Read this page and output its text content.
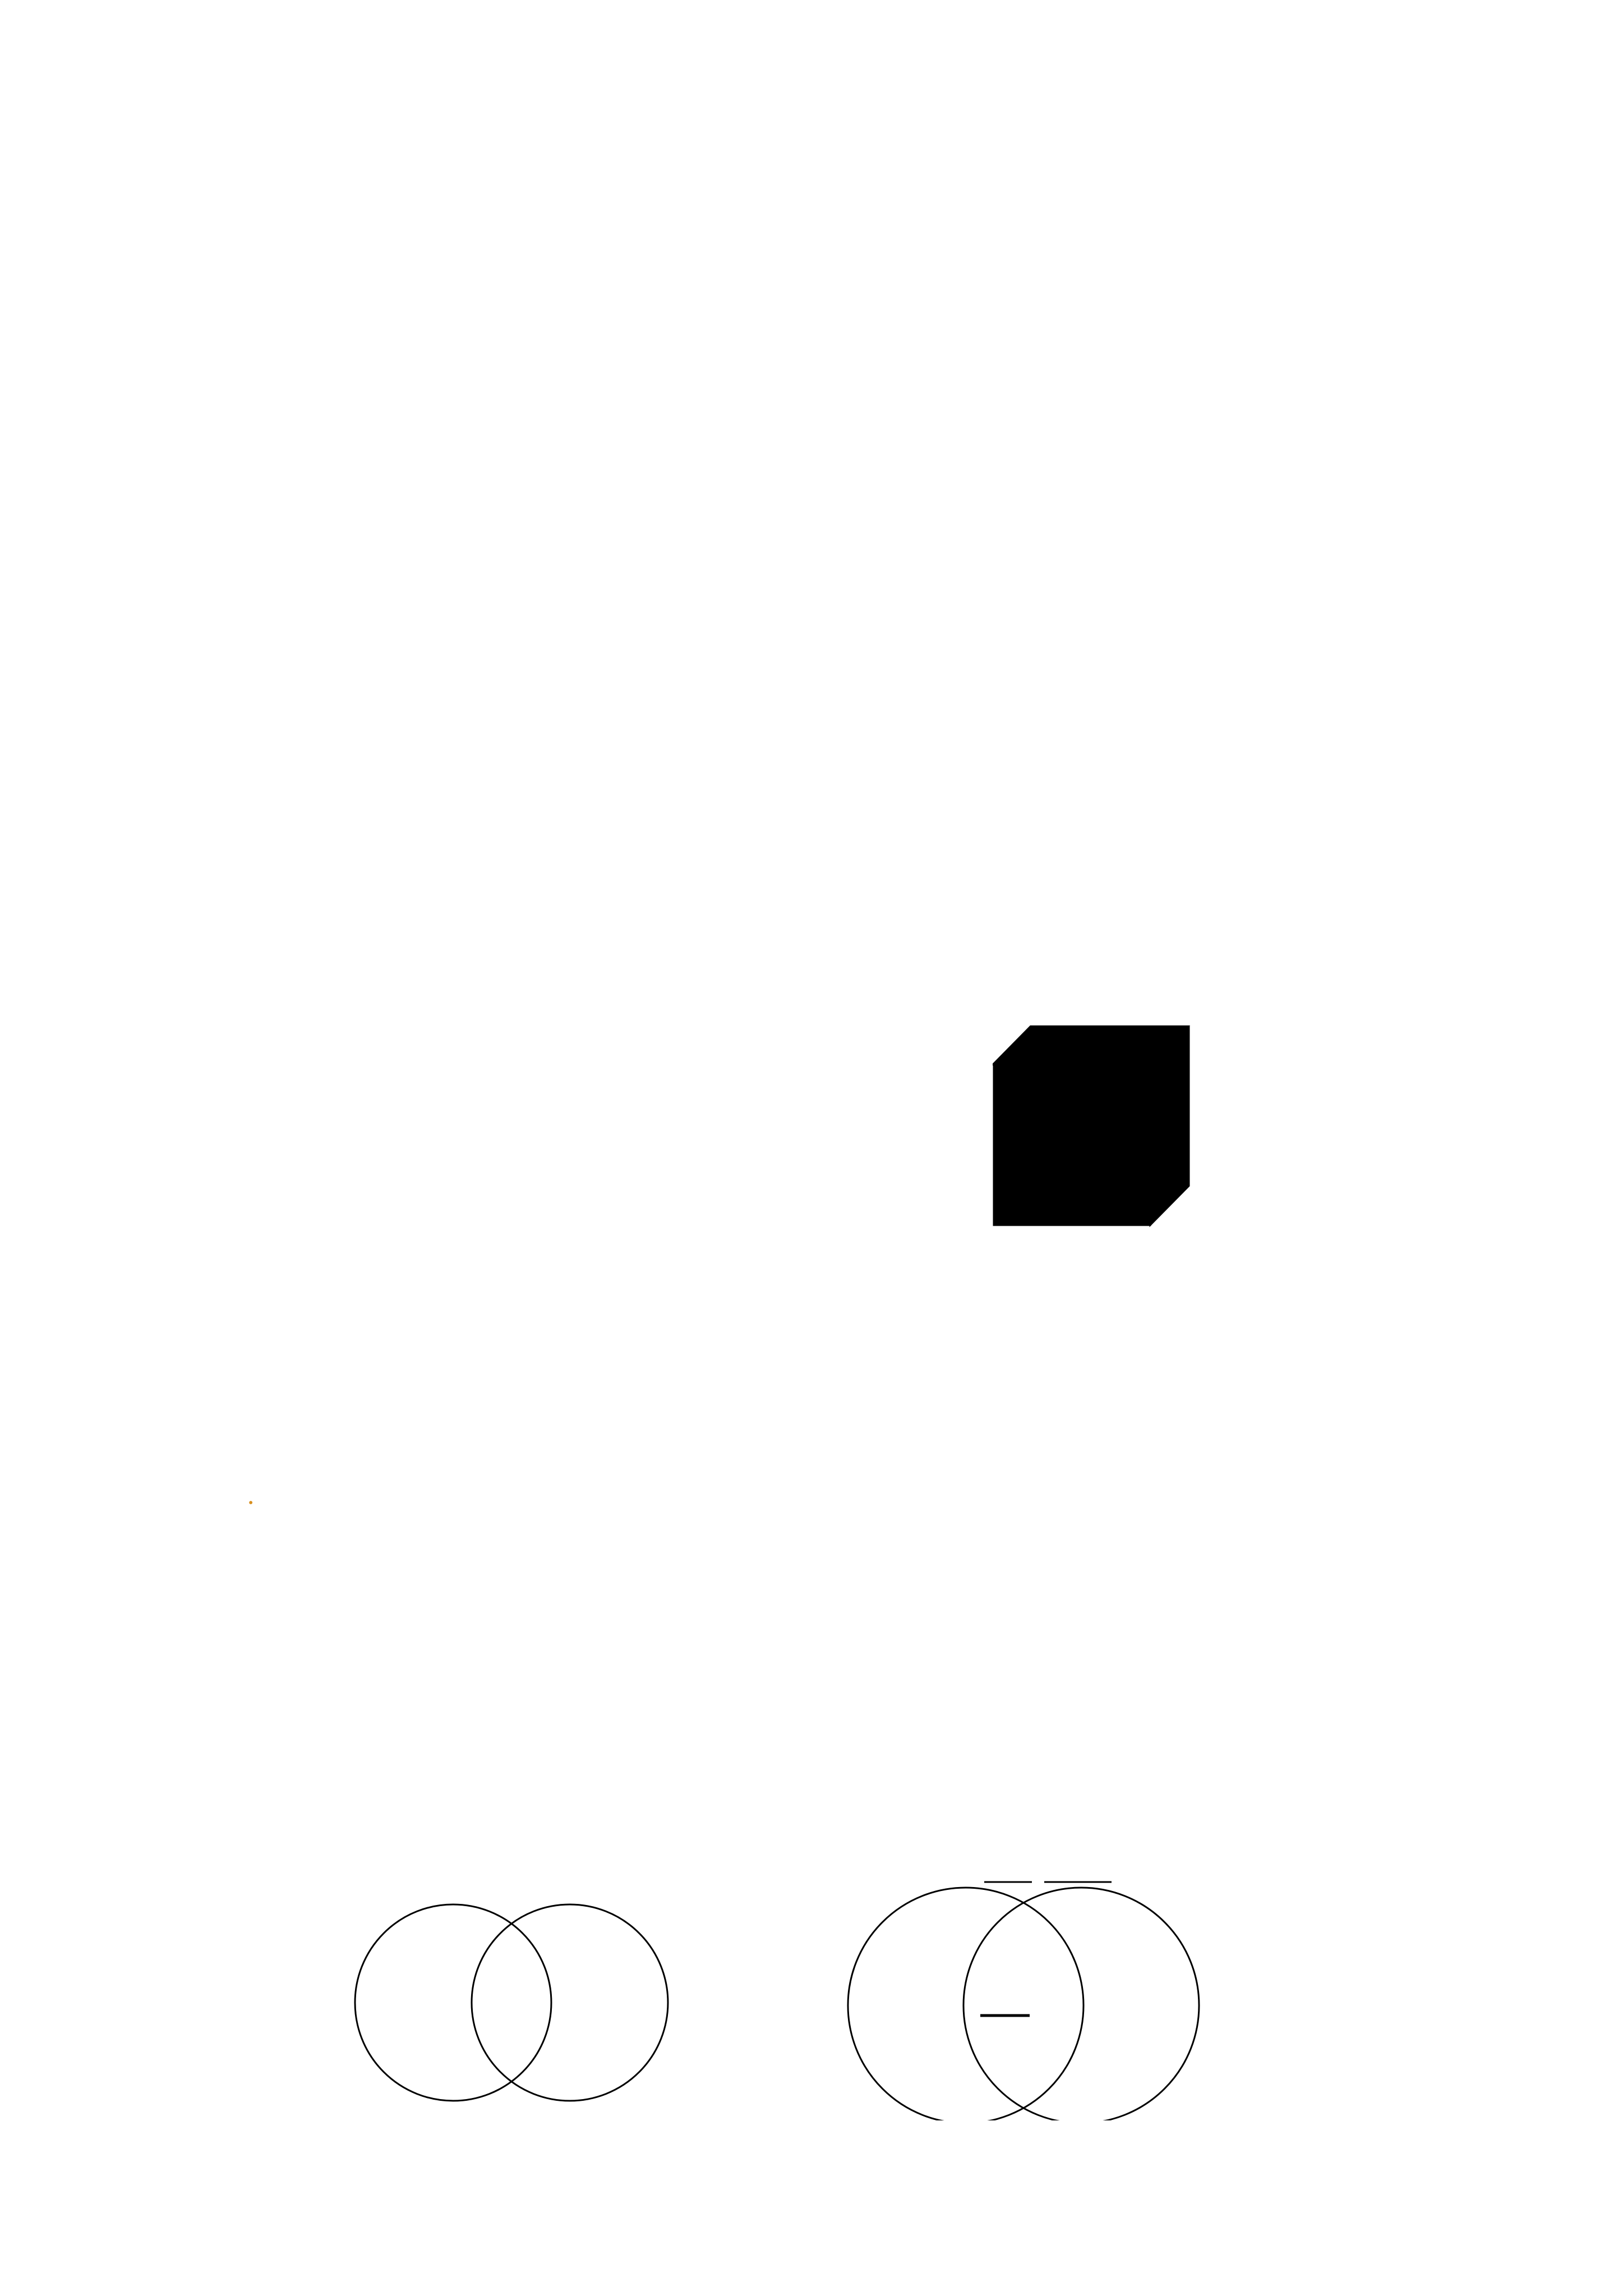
.
